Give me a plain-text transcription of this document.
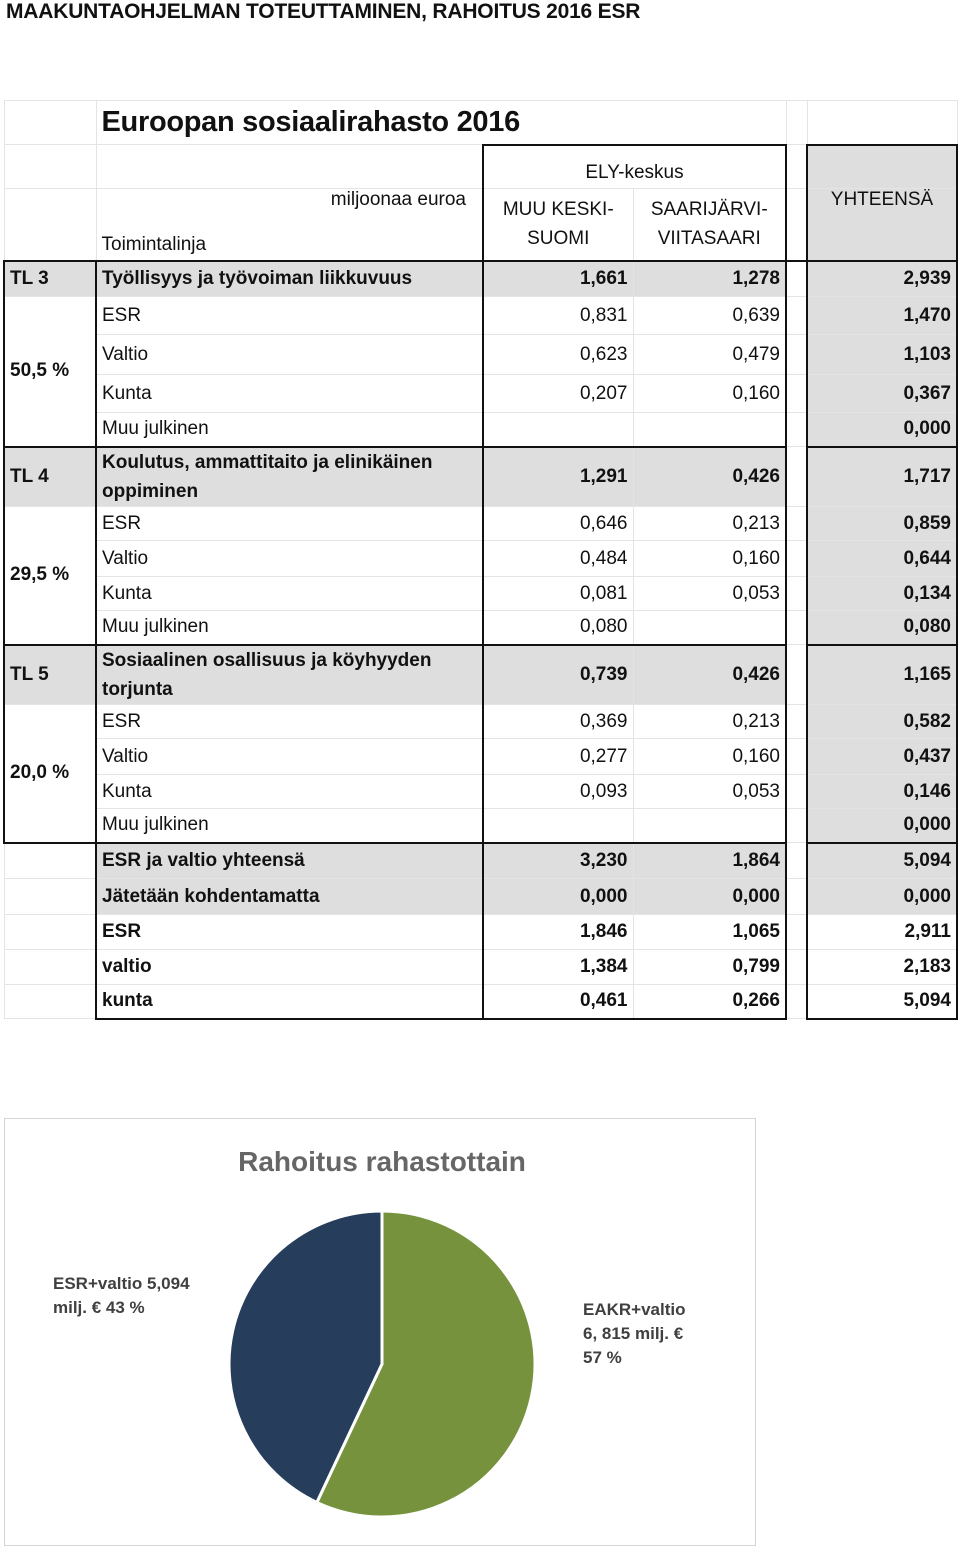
MAAKUNTAOHJELMAN TOTEUTTAMINEN, RAHOITUS 2016 ESR
	Euroopan sosiaalirahasto 2016				
		ELY-keskus			

	miljoonaa euroa
Toimintalinja	MUU KESKI-SUOMI	SAARIJÄRVI-VIITASAARI		YHTEENSÄ
TL 3	Työllisyys ja työvoiman liikkuvuus	1,661	1,278		2,939
50,5 %	ESR	0,831	0,639		1,470
	Valtio	0,623	0,479		1,103
	Kunta	0,207	0,160		0,367
	Muu julkinen				0,000
TL 4	Koulutus, ammattitaito ja elinikäinen oppiminen	1,291	0,426		1,717
29,5 %	ESR	0,646	0,213		0,859
	Valtio	0,484	0,160		0,644
	Kunta	0,081	0,053		0,134
	Muu julkinen	0,080			0,080
TL 5	Sosiaalinen osallisuus ja köyhyyden torjunta	0,739	0,426		1,165
20,0 %	ESR	0,369	0,213		0,582
	Valtio	0,277	0,160		0,437
	Kunta	0,093	0,053		0,146
	Muu julkinen				0,000
	ESR ja valtio yhteensä	3,230	1,864		5,094
	Jätetään kohdentamatta	0,000	0,000		0,000
	ESR	1,846	1,065		2,911
	valtio	1,384	0,799		2,183
	kunta	0,461	0,266		5,094
Rahoitus rahastottain
EAKR+valtio
6, 815 milj. €
57 %
ESR+valtio 5,094
milj. € 43 %
